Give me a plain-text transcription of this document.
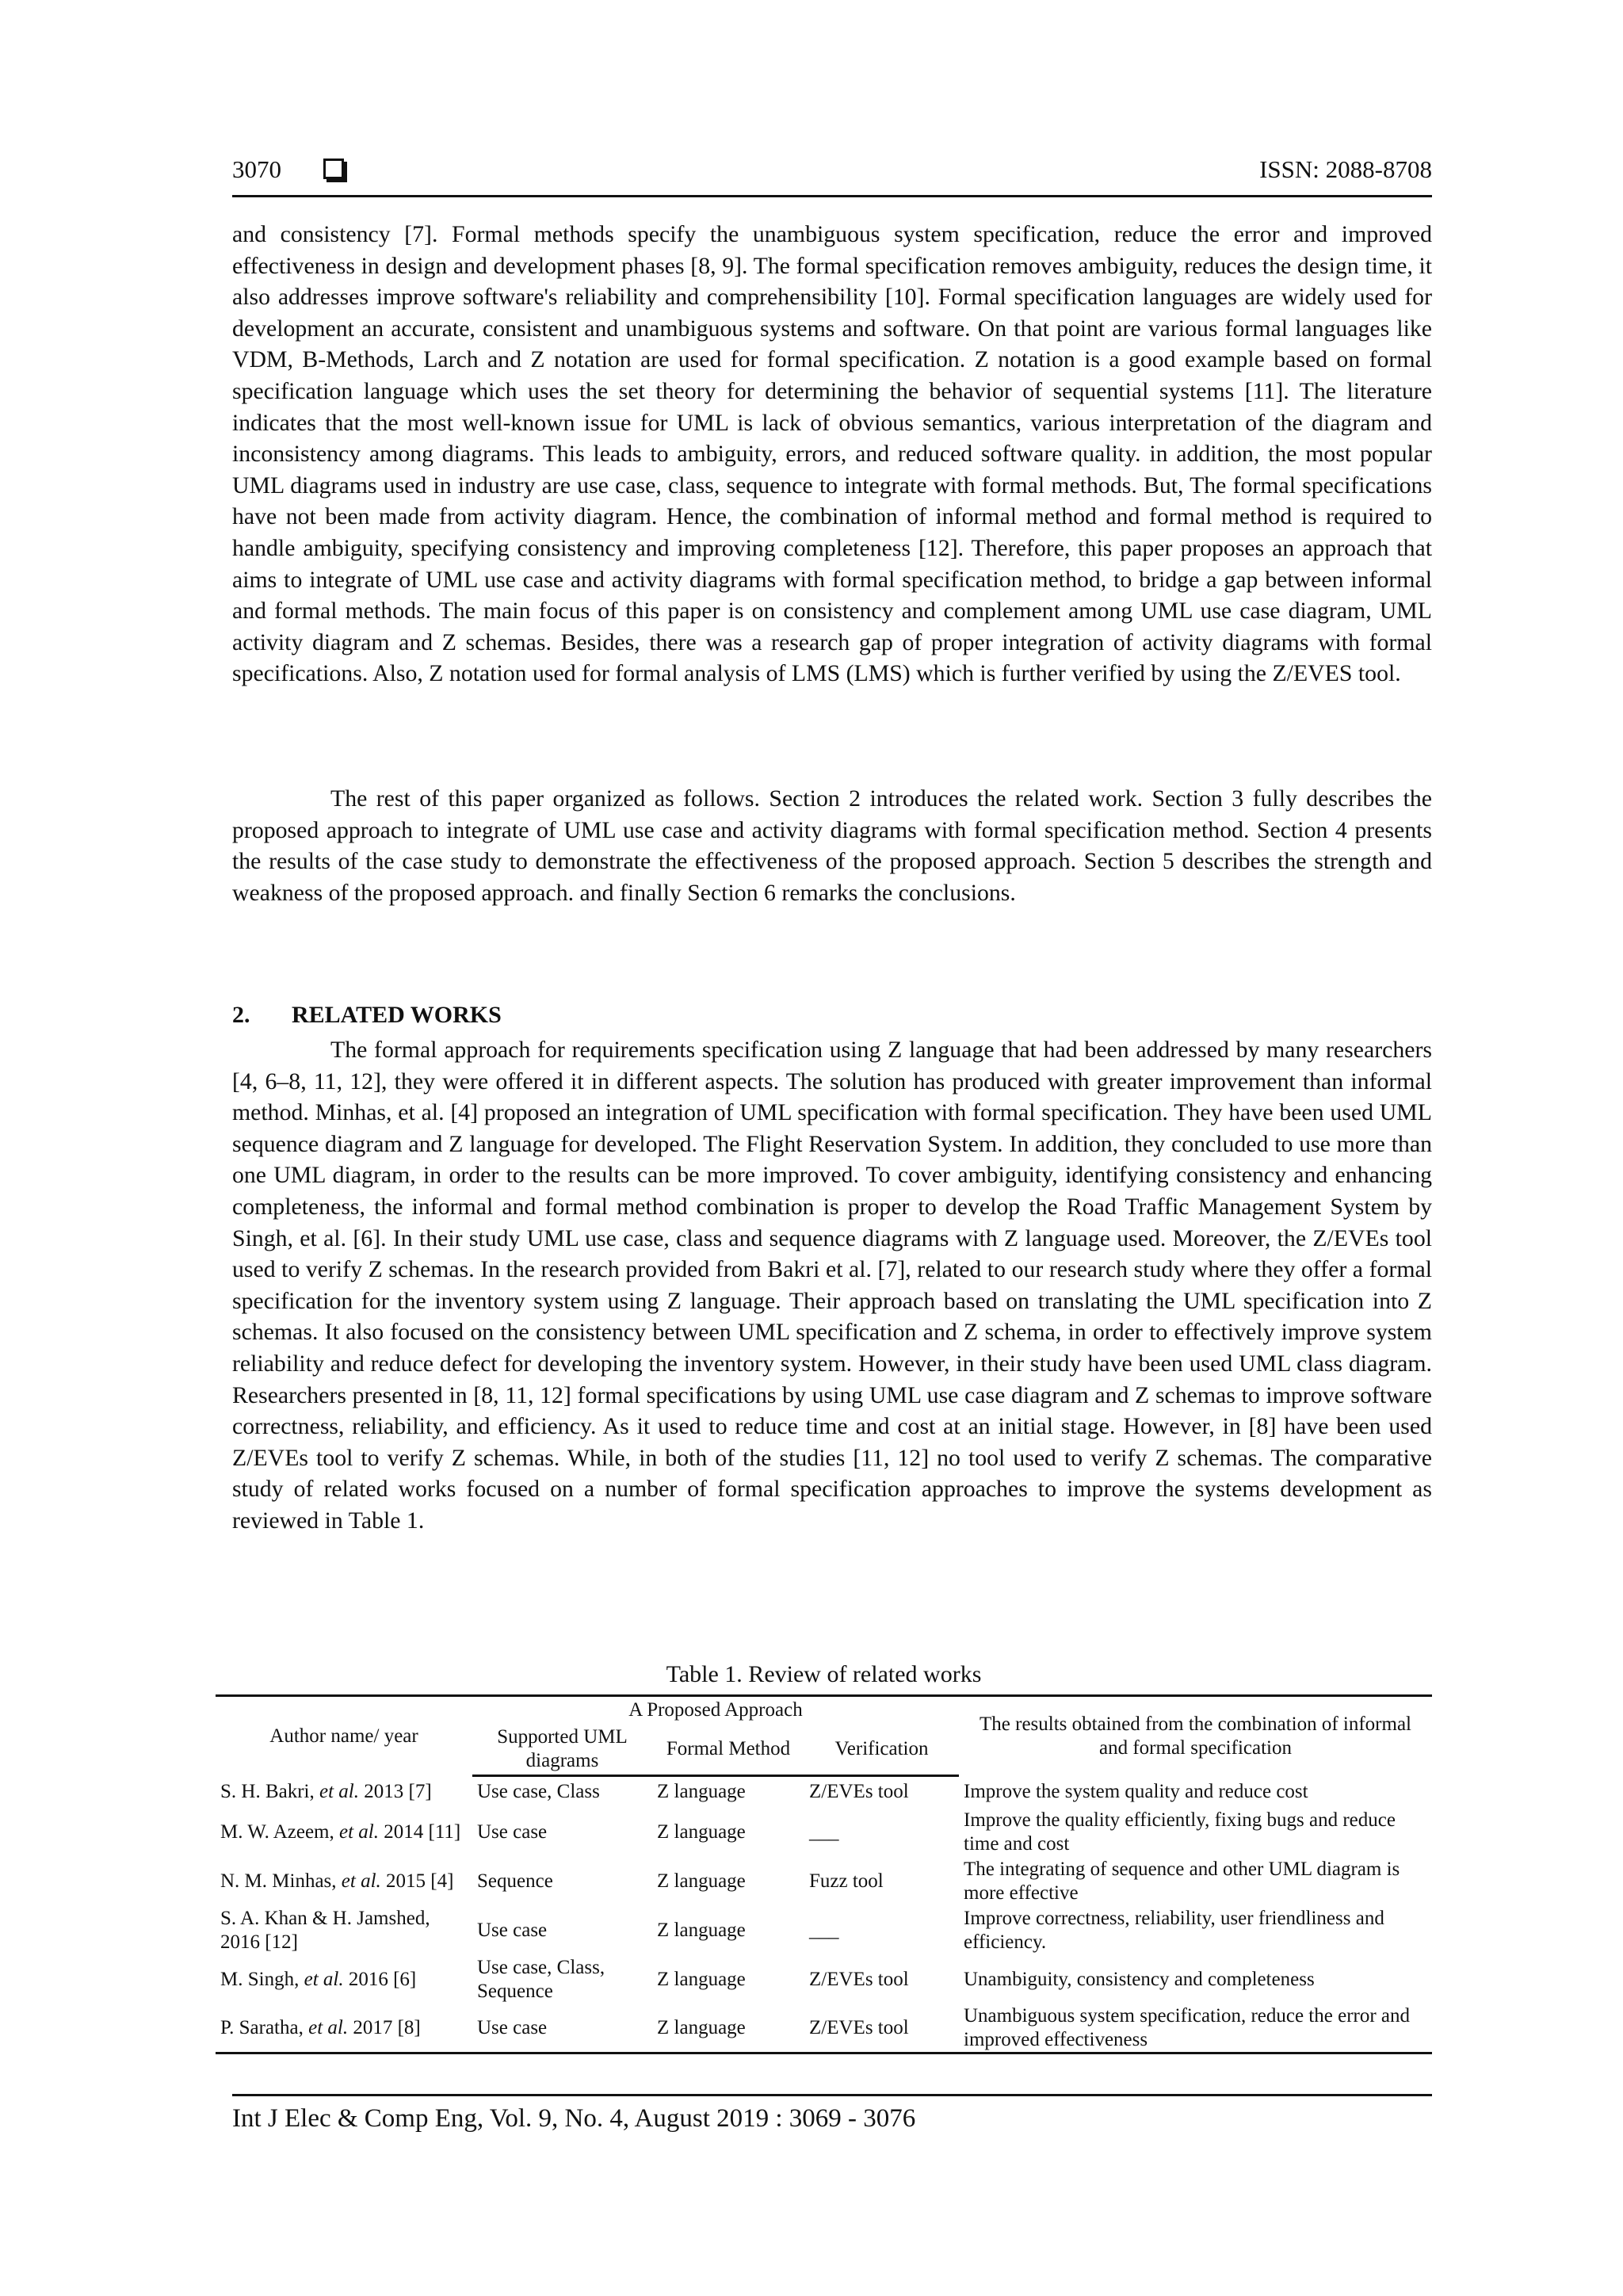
3070	ISSN: 2088-8708

and consistency [7]. Formal methods specify the unambiguous system specification, reduce the error and improved effectiveness in design and development phases [8, 9]. The formal specification removes ambiguity, reduces the design time, it also addresses improve software's reliability and comprehensibility [10]. Formal specification languages are widely used for development an accurate, consistent and unambiguous systems and software. On that point are various formal languages like VDM, B-Methods, Larch and Z notation are used for formal specification. Z notation is a good example based on formal specification language which uses the set theory for determining the behavior of sequential systems [11]. The literature indicates that the most well-known issue for UML is lack of obvious semantics, various interpretation of the diagram and inconsistency among diagrams. This leads to ambiguity, errors, and reduced software quality. in addition, the most popular UML diagrams used in industry are use case, class, sequence to integrate with formal methods. But, The formal specifications have not been made from activity diagram. Hence, the combination of informal method and formal method is required to handle ambiguity, specifying consistency and improving completeness [12]. Therefore, this paper proposes an approach that aims to integrate of UML use case and activity diagrams with formal specification method, to bridge a gap between informal and formal methods. The main focus of this paper is on consistency and complement among UML use case diagram, UML activity diagram and Z schemas. Besides, there was a research gap of proper integration of activity diagrams with formal specifications. Also, Z notation used for formal analysis of LMS (LMS) which is further verified by using the Z/EVES tool.

The rest of this paper organized as follows. Section 2 introduces the related work. Section 3 fully describes the proposed approach to integrate of UML use case and activity diagrams with formal specification method. Section 4 presents the results of the case study to demonstrate the effectiveness of the proposed approach. Section 5 describes the strength and weakness of the proposed approach. and finally Section 6 remarks the conclusions.

2. RELATED WORKS

The formal approach for requirements specification using Z language that had been addressed by many researchers [4, 6–8, 11, 12], they were offered it in different aspects. The solution has produced with greater improvement than informal method. Minhas, et al. [4] proposed an integration of UML specification with formal specification. They have been used UML sequence diagram and Z language for developed. The Flight Reservation System. In addition, they concluded to use more than one UML diagram, in order to the results can be more improved. To cover ambiguity, identifying consistency and enhancing completeness, the informal and formal method combination is proper to develop the Road Traffic Management System by Singh, et al. [6]. In their study UML use case, class and sequence diagrams with Z language used. Moreover, the Z/EVEs tool used to verify Z schemas. In the research provided from Bakri et al. [7], related to our research study where they offer a formal specification for the inventory system using Z language. Their approach based on translating the UML specification into Z schemas. It also focused on the consistency between UML specification and Z schema, in order to effectively improve system reliability and reduce defect for developing the inventory system. However, in their study have been used UML class diagram. Researchers presented in [8, 11, 12] formal specifications by using UML use case diagram and Z schemas to improve software correctness, reliability, and efficiency. As it used to reduce time and cost at an initial stage. However, in [8] have been used Z/EVEs tool to verify Z schemas. While, in both of the studies [11, 12] no tool used to verify Z schemas. The comparative study of related works focused on a number of formal specification approaches to improve the systems development as reviewed in Table 1.

Table 1. Review of related works
Author name/ year	A Proposed Approach			The results obtained from the combination of informal and formal specification
	Supported UML diagrams	Formal Method	Verification	
S. H. Bakri, et al. 2013 [7]	Use case, Class	Z language	Z/EVEs tool	Improve the system quality and reduce cost
M. W. Azeem, et al. 2014 [11]	Use case	Z language	___	Improve the quality efficiently, fixing bugs and reduce time and cost
N. M. Minhas, et al. 2015 [4]	Sequence	Z language	Fuzz tool	The integrating of sequence and other UML diagram is more effective
S. A. Khan & H. Jamshed, 2016 [12]	Use case	Z language	___	Improve correctness, reliability, user friendliness and efficiency.
M. Singh, et al. 2016 [6]	Use case, Class, Sequence	Z language	Z/EVEs tool	Unambiguity, consistency and completeness
P. Saratha, et al. 2017 [8]	Use case	Z language	Z/EVEs tool	Unambiguous system specification, reduce the error and improved effectiveness
Int J Elec & Comp Eng, Vol. 9, No. 4, August 2019 : 3069 - 3076
